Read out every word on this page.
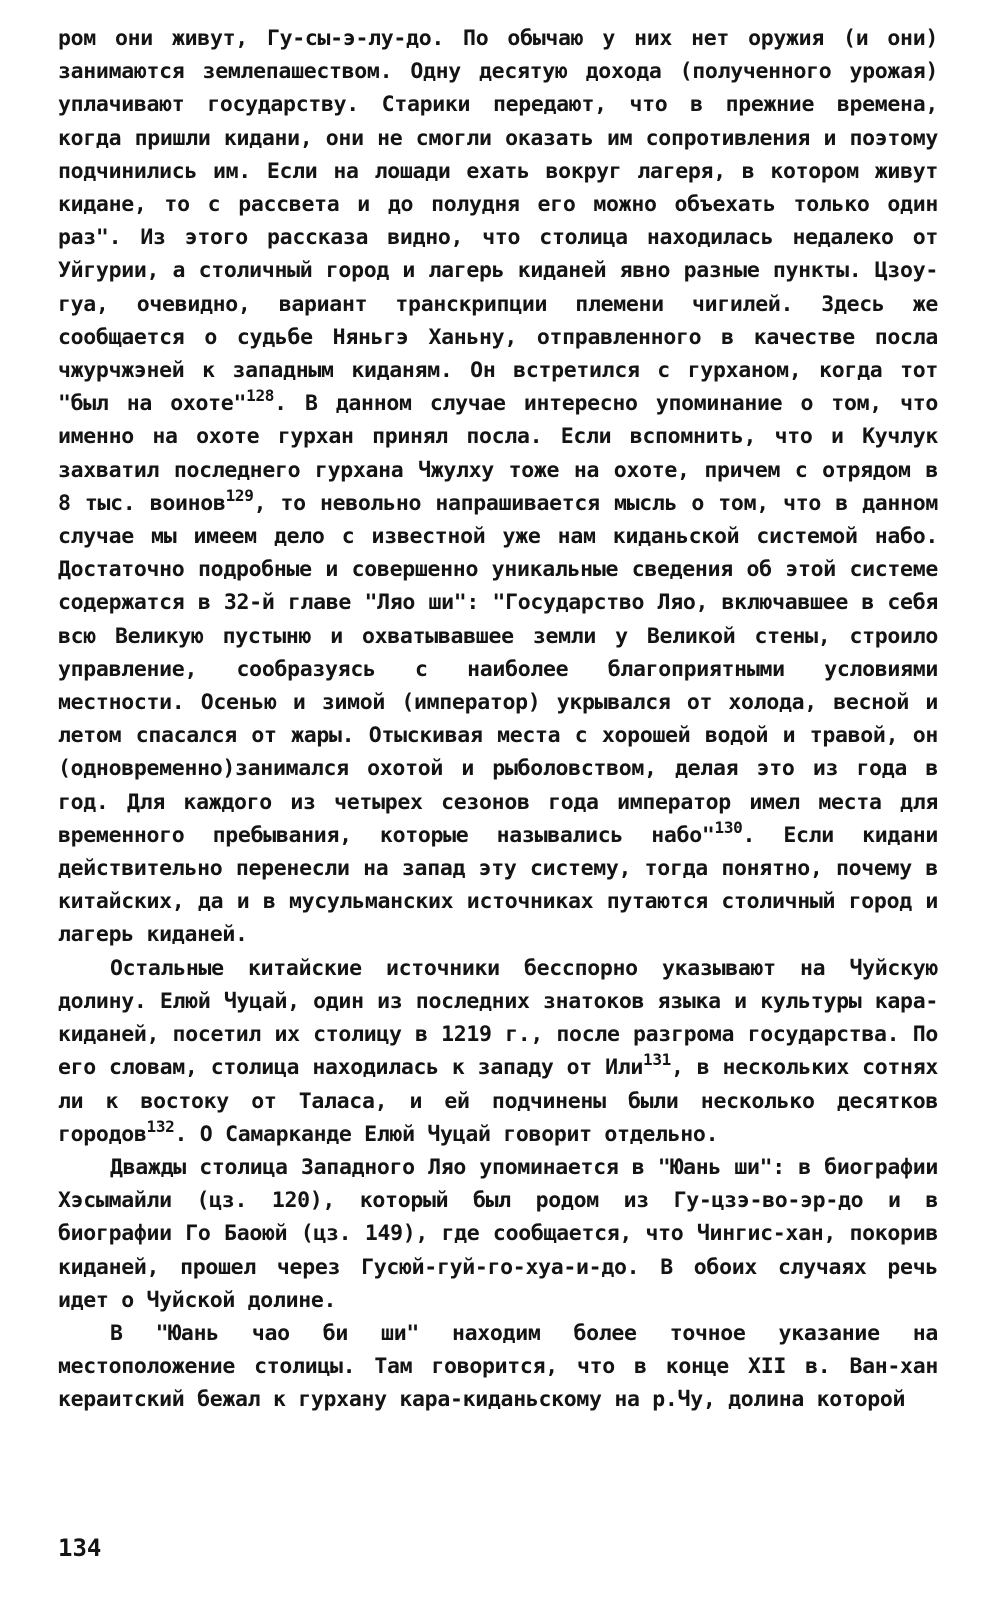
ром они живут, Гу-сы-э-лу-до. По обычаю у них нет оружия (и они) занимаются землепашеством. Одну десятую дохода (полученного урожая) уплачивают государству. Старики передают, что в прежние времена, когда пришли кидани, они не смогли оказать им сопротивления и поэтому подчинились им. Если на лошади ехать вокруг лагеря, в котором живут кидане, то с рассвета и до полудня его можно объехать только один раз". Из этого рассказа видно, что столица находилась недалеко от Уйгурии, а столичный город и лагерь киданей явно разные пункты. Цзоу-гуа, очевидно, вариант транскрипции племени чигилей. Здесь же сообщается о судьбе Няньгэ Ханьну, отправленного в качестве посла чжурчжэней к западным киданям. Он встретился с гурханом, когда тот "был на охоте"$^{128}$. В данном случае интересно упоминание о том, что именно на охоте гурхан принял посла. Если вспомнить, что и Кучлук захватил последнего гурхана Чжулху тоже на охоте, причем с отрядом в 8 тыс. воинов$^{129}$, то невольно напрашивается мысль о том, что в данном случае мы имеем дело с известной уже нам киданьской системой набо. Достаточно подробные и совершенно уникальные сведения об этой системе содержатся в 32-й главе "Ляо ши": "Государство Ляо, включавшее в себя всю Великую пустыню и охватывавшее земли у Великой стены, строило управление, сообразуясь с наиболее благоприятными условиями местности. Осенью и зимой (император) укрывался от холода, весной и летом спасался от жары. Отыскивая места с хорошей водой и травой, он (одновременно)занимался охотой и рыболовством, делая это из года в год. Для каждого из четырех сезонов года император имел места для временного пребывания, которые назывались набо"$^{130}$. Если кидани действительно перенесли на запад эту систему, тогда понятно, почему в китайских, да и в мусульманских источниках путаются столичный город и лагерь киданей.

Остальные китайские источники бесспорно указывают на Чуйскую долину. Елюй Чуцай, один из последних знатоков языка и культуры кара-киданей, посетил их столицу в 1219 г., после разгрома государства. По его словам, столица находилась к западу от Или$^{131}$, в нескольких сотнях ли к востоку от Таласа, и ей подчинены были несколько десятков городов$^{132}$. О Самарканде Елюй Чуцай говорит отдельно.

Дважды столица Западного Ляо упоминается в "Юань ши": в биографии Хэсымайли (цз. 120), который был родом из Гу-цзэ-во-эр-до и в биографии Го Баоюй (цз. 149), где сообщается, что Чингис-хан, покорив киданей, прошел через Гусюй-гуй-го-хуа-и-до. В обоих случаях речь идет о Чуйской долине.

В "Юань чао би ши" находим более точное указание на местоположение столицы. Там говорится, что в конце XII в. Ван-хан кераитский бежал к гурхану кара-киданьскому на р.Чу, долина которой

134
